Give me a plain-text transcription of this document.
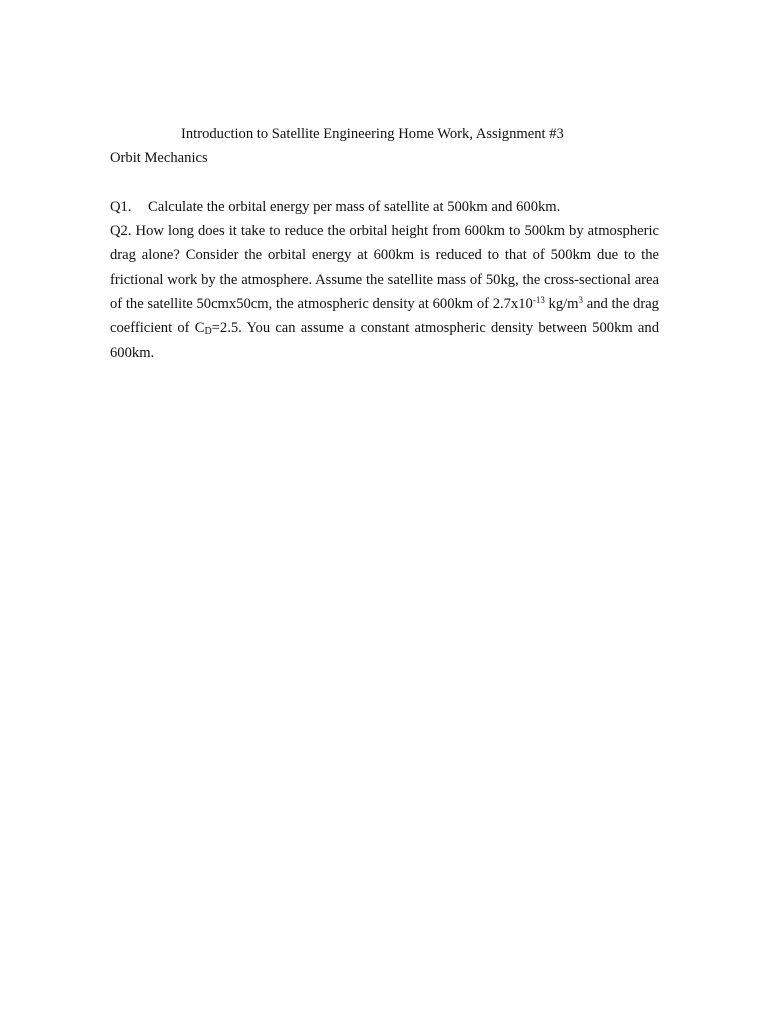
Introduction to Satellite Engineering Home Work, Assignment #3
Orbit Mechanics

Q1. Calculate the orbital energy per mass of satellite at 500km and 600km.

Q2. How long does it take to reduce the orbital height from 600km to 500km by atmospheric drag alone? Consider the orbital energy at 600km is reduced to that of 500km due to the frictional work by the atmosphere. Assume the satellite mass of 50kg, the cross-sectional area of the satellite 50cmx50cm, the atmospheric density at 600km of $2.7x10^{-13}$ $kg/m^3$ and the drag coefficient of $C_D=2.5$. You can assume a constant atmospheric density between 500km and 600km.
